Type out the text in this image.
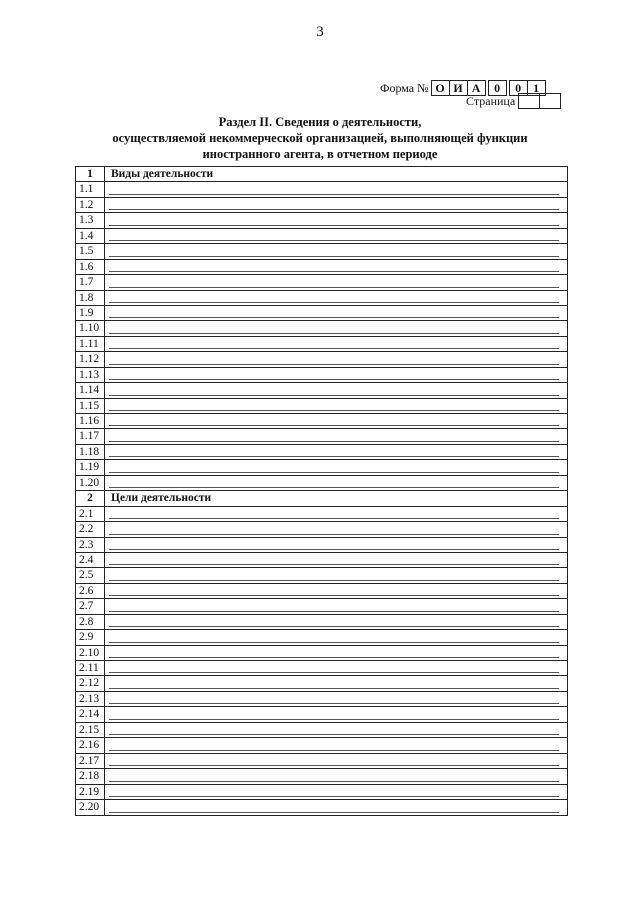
3
Форма № О И А	0	0	1
Страница
Раздел II. Сведения о деятельности,
осуществляемой некоммерческой организацией, выполняющей функции
иностранного агента, в отчетном периоде
1	Виды деятельности
1.1
1.2
1.3
1.4
1.5
1.6
1.7
1.8
1.9
1.10
1.11
1.12
1.13
1.14
1.15
1.16
1.17
1.18
1.19
1.20
2	Цели деятельности
2.1
2.2
2.3
2.4
2.5
2.6
2.7
2.8
2.9
2.10
2.11
2.12
2.13
2.14
2.15
2.16
2.17
2.18
2.19
2.20
